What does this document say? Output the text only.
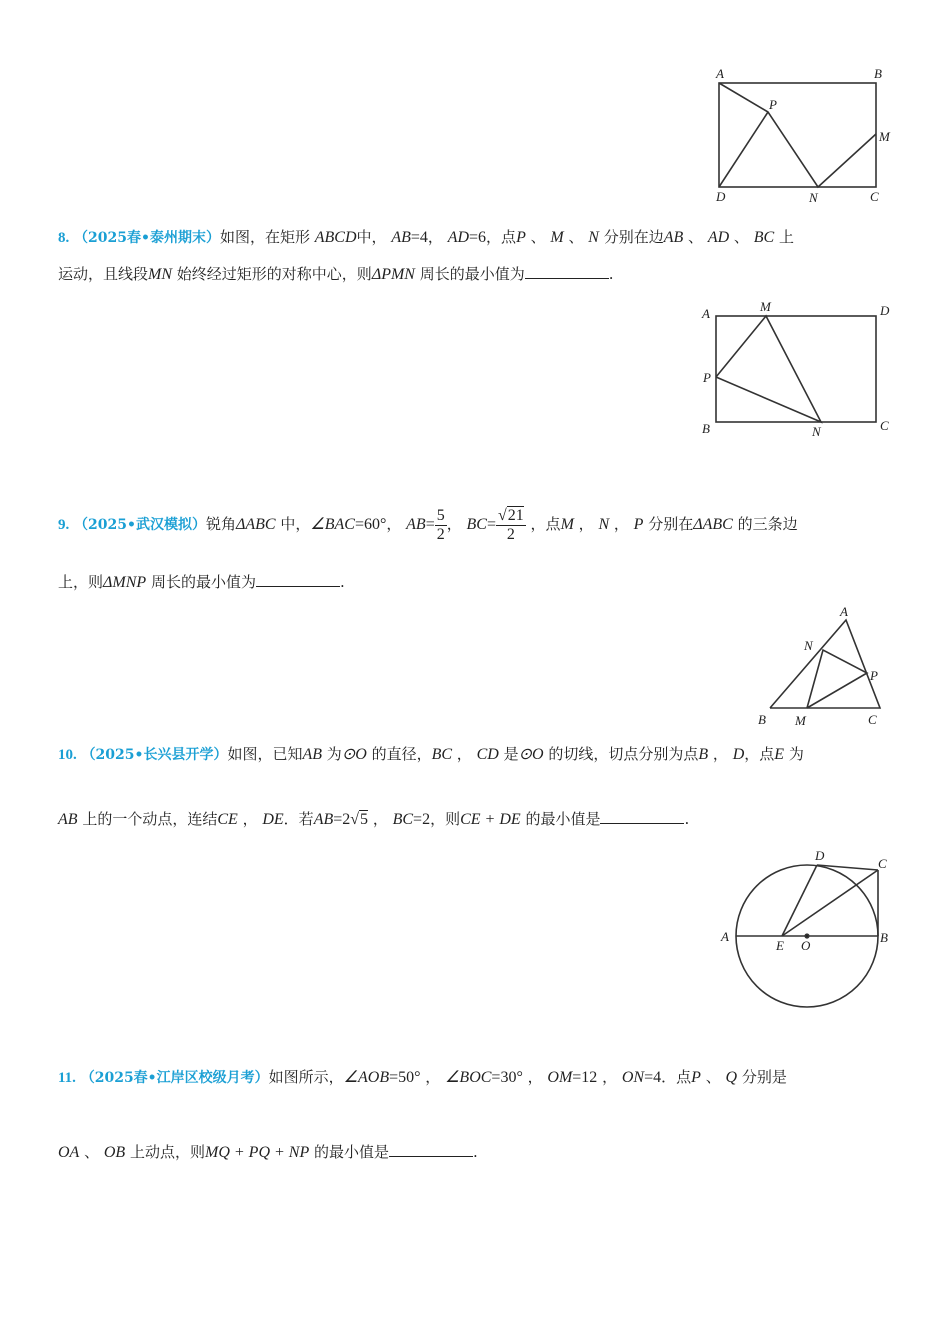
A	B
P
M
D	N	C
8. （2025春•泰州期末）如图，在矩形 ABCD中， AB=4， AD=6，点P 、 M 、 N 分别在边AB 、 AD 、 BC 上
运动，且线段MN 始终经过矩形的对称中心，则ΔPMN 周长的最小值为	.
A	M	D
P
B	N	C
9. （2025•武汉模拟）锐角ΔABC 中，∠BAC=60°， $AB= \frac{5}{2}$ ， $BC= \frac{√21}{2}$ ，点M ， N ， P 分别在ΔABC 的三条边
上，则ΔMNP 周长的最小值为	.
A
N
P
B M	C
10. （2025•长兴县开学）如图，已知AB 为⊙O 的直径，BC ， CD 是⊙O 的切线，切点分别为点B ， D，点E 为
AB 上的一个动点，连结CE ， DE．若AB=2√5 ， BC=2，则CE + DE 的最小值是	.
A	B
C
D
E O
11. （2025春•江岸区校级月考）如图所示，∠AOB=50° ， ∠BOC=30° ， OM=12 ， ON=4．点P 、 Q 分别是
OA 、 OB 上动点，则MQ + PQ + NP 的最小值是	.
